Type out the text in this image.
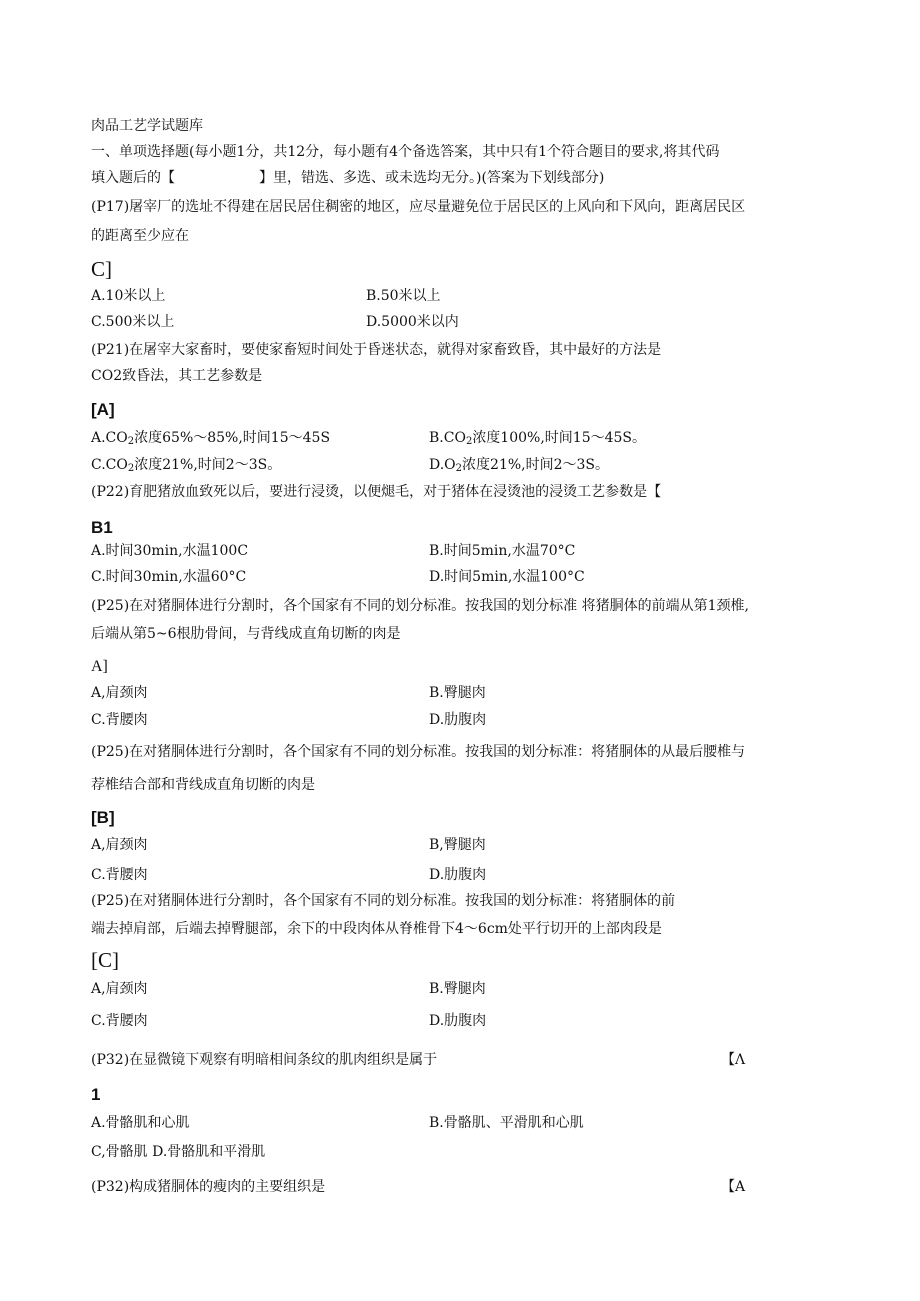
肉品工艺学试题库
一、单项选择题(每小题1分，共12分，每小题有4个备选答案，其中只有1个符合题目的要求,将其代码
填入题后的【　　　　　　】里，错选、多选、或未选均无分。)(答案为下划线部分)
(P17)屠宰厂的选址不得建在居民居住稠密的地区，应尽量避免位于居民区的上风向和下风向，距离居民区
的距离至少应在
C]
A.10米以上	B.50米以上
C.500米以上	D.5000米以内
(P21)在屠宰大家畜时，要使家畜短时间处于昏迷状态，就得对家畜致昏，其中最好的方法是
CO2致昏法，其工艺参数是
[A]
$A.CO_2$浓度65%～85%,时间15～45S	$B.CO_2$浓度100%,时间15～45S。
$C.CO_2$浓度21%,时间2～3S。	$D.O_2$浓度21%,时间2～3S。
(P22)育肥猪放血致死以后，要进行浸烫，以便煺毛，对于猪体在浸烫池的浸烫工艺参数是【
B1
A.时间30min,水温100C	B.时间5min,水温70°C
C.时间30min,水温60°C	D.时间5min,水温100°C
(P25)在对猪胴体进行分割时，各个国家有不同的划分标准。按我国的划分标准 将猪胴体的前端从第1颈椎,
后端从第5~6根肋骨间，与背线成直角切断的肉是
A]
A,肩颈肉	B.臀腿肉
C.背腰肉	D.肋腹肉
(P25)在对猪胴体进行分割时，各个国家有不同的划分标准。按我国的划分标准：将猪胴体的从最后腰椎与
荐椎结合部和背线成直角切断的肉是
[B]
A,肩颈肉	B,臀腿肉
C.背腰肉	D.肋腹肉
(P25)在对猪胴体进行分割时，各个国家有不同的划分标准。按我国的划分标准：将猪胴体的前
端去掉肩部，后端去掉臀腿部，余下的中段肉体从脊椎骨下4～6cm处平行切开的上部肉段是
[C]
A,肩颈肉	B.臀腿肉
C.背腰肉	D.肋腹肉
(P32)在显微镜下观察有明暗相间条纹的肌肉组织是属于	【Λ
1
A.骨骼肌和心肌	B.骨骼肌、平滑肌和心肌
C,骨骼肌 D.骨骼肌和平滑肌
(P32)构成猪胴体的瘦肉的主要组织是	【A
